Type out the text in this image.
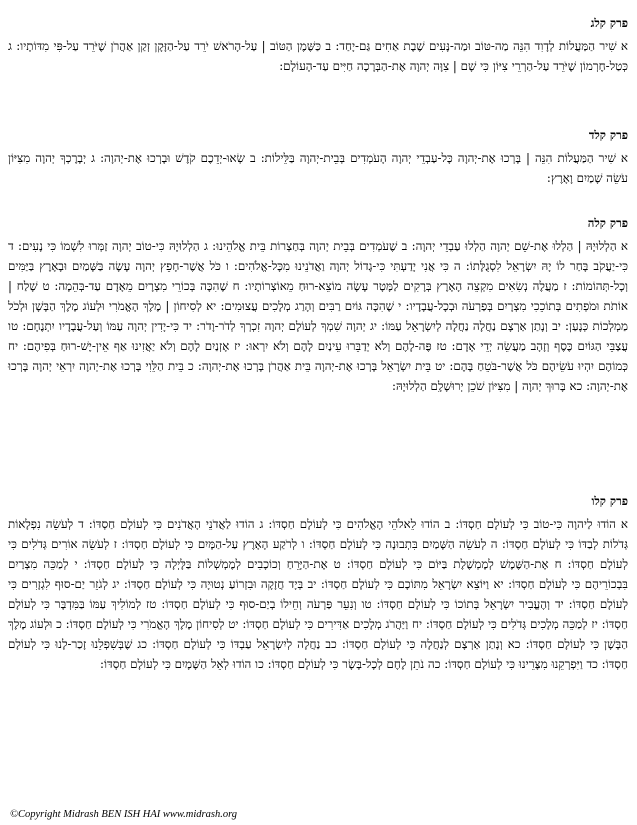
פרק קלג
א שִׁיר הַמַּעֲלוֹת לְדָוִד הִנֵּה מַה-טּוֹב וּמַה-נָּעִים שֶׁבֶת אַחִים גַּם-יָחַד: ב כַּשֶּׁמֶן הַטּוֹב | עַל-הָרֹאשׁ יֹרֵד עַל-הַזָּקָן זְקַן אַהֲרֹן שֶׁיֹּרֵד עַל-פִּי מִדּוֹתָיו: ג כְּטַל-חֶרְמוֹן שֶׁיֹּרֵד עַל-הַרְרֵי צִיּוֹן כִּי שָׁם | צִוָּה יְהוָה אֶת-הַבְּרָכָה חַיִּים עַד-הָעוֹלָם:
פרק קלד
א שִׁיר הַמַּעֲלוֹת הִנֵּה | בָּרְכוּ אֶת-יְהוָה כָּל-עַבְדֵי יְהוָה הָעֹמְדִים בְּבֵית-יְהוָה בַּלֵּילוֹת: ב שְׂאוּ-יְדֵכֶם קֹדֶשׁ וּבָרְכוּ אֶת-יְהוָה: ג יְבָרֶכְךָ יְהוָה מִצִּיּוֹן עֹשֵׂה שָׁמַיִם וָאָרֶץ:
פרק קלה
א הַלְלוּיָהּ | הַלְלוּ אֶת-שֵׁם יְהוָה הַלְלוּ עַבְדֵי יְהוָה: ב שֶׁעֹמְדִים בְּבֵית יְהוָה בְּחַצְרוֹת בֵּית אֱלֹהֵינוּ: ג הַלְלוּיָהּ כִּי-טוֹב יְהוָה זַמְּרוּ לִשְׁמוֹ כִּי נָעִים: ד כִּי-יַעֲקֹב בָּחַר לוֹ יָהּ יִשְׂרָאֵל לִסְגֻלָּתוֹ: ה כִּי אֲנִי יָדַעְתִּי כִּי-גָדוֹל יְהוָה וַאֲדֹנֵינוּ מִכָּל-אֱלֹהִים: ו כֹּל אֲשֶׁר-חָפֵץ יְהוָה עָשָׂה בַּשָּׁמַיִם וּבָאָרֶץ בַּיַּמִּים וְכָל-תְּהוֹמוֹת: ז מַעֲלֶה נְשִׂאִים מִקְצֵה הָאָרֶץ בְּרָקִים לַמָּטָר עָשָׂה מוֹצֵא-רוּחַ מֵאוֹצְרוֹתָיו: ח שֶׁהִכָּה בְּכוֹרֵי מִצְרָיִם מֵאָדָם עַד-בְּהֵמָה: ט שָׁלַח | אוֹתֹת וּמֹפְתִים בְּתוֹכֵכִי מִצְרָיִם בְּפַרְעֹה וּבְכָל-עֲבָדָיו: י שֶׁהִכָּה גּוֹיִם רַבִּים וְהָרַג מְלָכִים עֲצוּמִים: יא לְסִיחוֹן | מֶלֶךְ הָאֱמֹרִי וּלְעוֹג מֶלֶךְ הַבָּשָׁן וּלְכֹל מַמְלְכוֹת כְּנָעַן: יב וְנָתַן אַרְצָם נַחֲלָה נַחֲלָה לְיִשְׂרָאֵל עַמּוֹ: יג יְהוָה שִׁמְךָ לְעוֹלָם יְהוָה זִכְרְךָ לְדֹר-וָדֹר: יד כִּי-יָדִין יְהוָה עַמּוֹ וְעַל-עֲבָדָיו יִתְנֶחָם: טו עֲצַבֵּי הַגּוֹיִם כֶּסֶף וְזָהָב מַעֲשֵׂה יְדֵי אָדָם: טז פֶּה-לָהֶם וְלֹא יְדַבֵּרוּ עֵינַיִם לָהֶם וְלֹא יִרְאוּ: יז אָזְנַיִם לָהֶם וְלֹא יַאֲזִינוּ אַף אֵין-יֶשׁ-רוּחַ בְּפִיהֶם: יח כְּמוֹהֶם יִהְיוּ עֹשֵׂיהֶם כֹּל אֲשֶׁר-בֹּטֵחַ בָּהֶם: יט בֵּית יִשְׂרָאֵל בָּרְכוּ אֶת-יְהוָה בֵּית אַהֲרֹן בָּרְכוּ אֶת-יְהוָה: כ בֵּית הַלֵּוִי בָּרְכוּ אֶת-יְהוָה יִרְאֵי יְהוָה בָּרְכוּ אֶת-יְהוָה: כא בָּרוּךְ יְהוָה | מִצִּיּוֹן שֹׁכֵן יְרוּשָׁלִָם הַלְלוּיָהּ:
פרק קלו
א הוֹדוּ לַיהוָה כִּי-טוֹב כִּי לְעוֹלָם חַסְדּוֹ: ב הוֹדוּ לֵאלֹהֵי הָאֱלֹהִים כִּי לְעוֹלָם חַסְדּוֹ: ג הוֹדוּ לַאֲדֹנֵי הָאֲדֹנִים כִּי לְעוֹלָם חַסְדּוֹ: ד לְעֹשֵׂה נִפְלָאוֹת גְּדֹלוֹת לְבַדּוֹ כִּי לְעוֹלָם חַסְדּוֹ: ה לְעֹשֵׂה הַשָּׁמַיִם בִּתְבוּנָה כִּי לְעוֹלָם חַסְדּוֹ: ו לְרֹקַע הָאָרֶץ עַל-הַמָּיִם כִּי לְעוֹלָם חַסְדּוֹ: ז לְעֹשֵׂה אוֹרִים גְּדֹלִים כִּי לְעוֹלָם חַסְדּוֹ: ח אֶת-הַשֶּׁמֶשׁ לְמֶמְשֶׁלֶת בַּיּוֹם כִּי לְעוֹלָם חַסְדּוֹ: ט אֶת-הַיָּרֵחַ וְכוֹכָבִים לְמֶמְשְׁלוֹת בַּלָּיְלָה כִּי לְעוֹלָם חַסְדּוֹ: י לְמַכֵּה מִצְרַיִם בִּבְכוֹרֵיהֶם כִּי לְעוֹלָם חַסְדּוֹ: יא וַיּוֹצֵא יִשְׂרָאֵל מִתּוֹכָם כִּי לְעוֹלָם חַסְדּוֹ: יב בְּיָד חֲזָקָה וּבִזְרוֹעַ נְטוּיָה כִּי לְעוֹלָם חַסְדּוֹ: יג לְגֹזֵר יַם-סוּף לִגְזָרִים כִּי לְעוֹלָם חַסְדּוֹ: יד וְהֶעֱבִיר יִשְׂרָאֵל בְּתוֹכוֹ כִּי לְעוֹלָם חַסְדּוֹ: טו וְנִעֵר פַּרְעֹה וְחֵילוֹ בְיַם-סוּף כִּי לְעוֹלָם חַסְדּוֹ: טז לְמוֹלִיךְ עַמּוֹ בַּמִּדְבָּר כִּי לְעוֹלָם חַסְדּוֹ: יז לְמַכֵּה מְלָכִים גְּדֹלִים כִּי לְעוֹלָם חַסְדּוֹ: יח וַיַּהֲרֹג מְלָכִים אַדִּירִים כִּי לְעוֹלָם חַסְדּוֹ: יט לְסִיחוֹן מֶלֶךְ הָאֱמֹרִי כִּי לְעוֹלָם חַסְדּוֹ: כ וּלְעוֹג מֶלֶךְ הַבָּשָׁן כִּי לְעוֹלָם חַסְדּוֹ: כא וְנָתַן אַרְצָם לְנַחֲלָה כִּי לְעוֹלָם חַסְדּוֹ: כב נַחֲלָה לְיִשְׂרָאֵל עַבְדּוֹ כִּי לְעוֹלָם חַסְדּוֹ: כג שֶׁבְּשִׁפְלֵנוּ זָכַר-לָנוּ כִּי לְעוֹלָם חַסְדּוֹ: כד וַיִּפְרְקֵנוּ מִצָּרֵינוּ כִּי לְעוֹלָם חַסְדּוֹ: כה נֹתֵן לֶחֶם לְכָל-בָּשָׂר כִּי לְעוֹלָם חַסְדּוֹ: כו הוֹדוּ לְאֵל הַשָּׁמָיִם כִּי לְעוֹלָם חַסְדּוֹ:
©Copyright Midrash BEN ISH HAI www.midrash.org
